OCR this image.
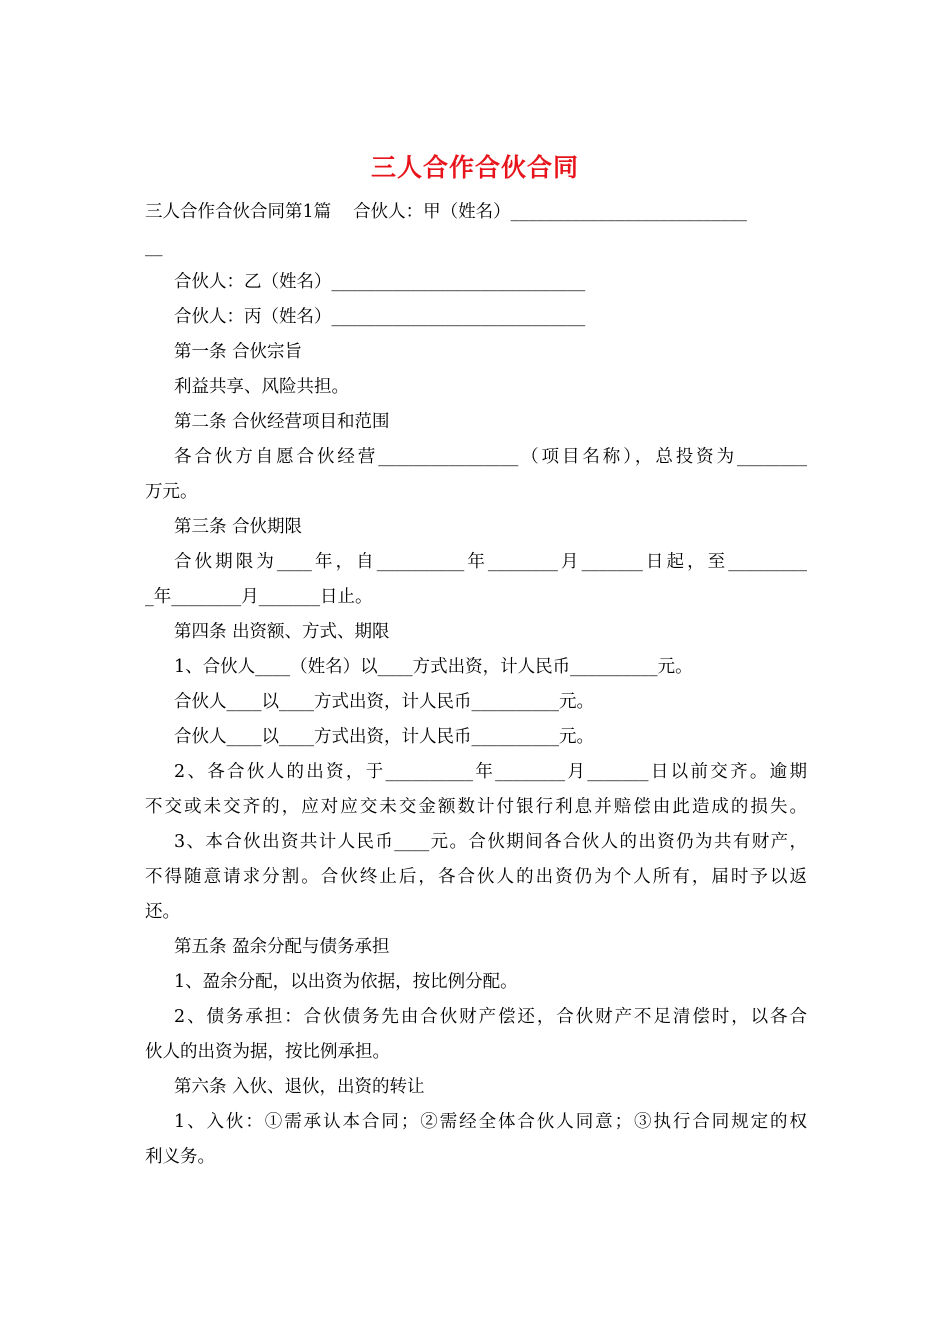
三人合作合伙合同
三人合作合伙合同第1篇 合伙人：甲（姓名）___________________________
__
合伙人：乙（姓名）_____________________________
合伙人：丙（姓名）_____________________________
第一条 合伙宗旨
利益共享、风险共担。
第二条 合伙经营项目和范围
各合伙方自愿合伙经营________________（项目名称），总投资为________
万元。
第三条 合伙期限
合伙期限为____年，自__________年________月_______日起，至_________
_年________月_______日止。
第四条 出资额、方式、期限
1、合伙人____（姓名）以____方式出资，计人民币__________元。
合伙人____以____方式出资，计人民币__________元。
合伙人____以____方式出资，计人民币__________元。
2、各合伙人的出资，于__________年________月_______日以前交齐。逾期
不交或未交齐的，应对应交未交金额数计付银行利息并赔偿由此造成的损失。
3、本合伙出资共计人民币____元。合伙期间各合伙人的出资仍为共有财产，
不得随意请求分割。合伙终止后，各合伙人的出资仍为个人所有，届时予以返
还。
第五条 盈余分配与债务承担
1、盈余分配，以出资为依据，按比例分配。
2、债务承担：合伙债务先由合伙财产偿还，合伙财产不足清偿时，以各合
伙人的出资为据，按比例承担。
第六条 入伙、退伙，出资的转让
1、入伙：①需承认本合同；②需经全体合伙人同意；③执行合同规定的权
利义务。
